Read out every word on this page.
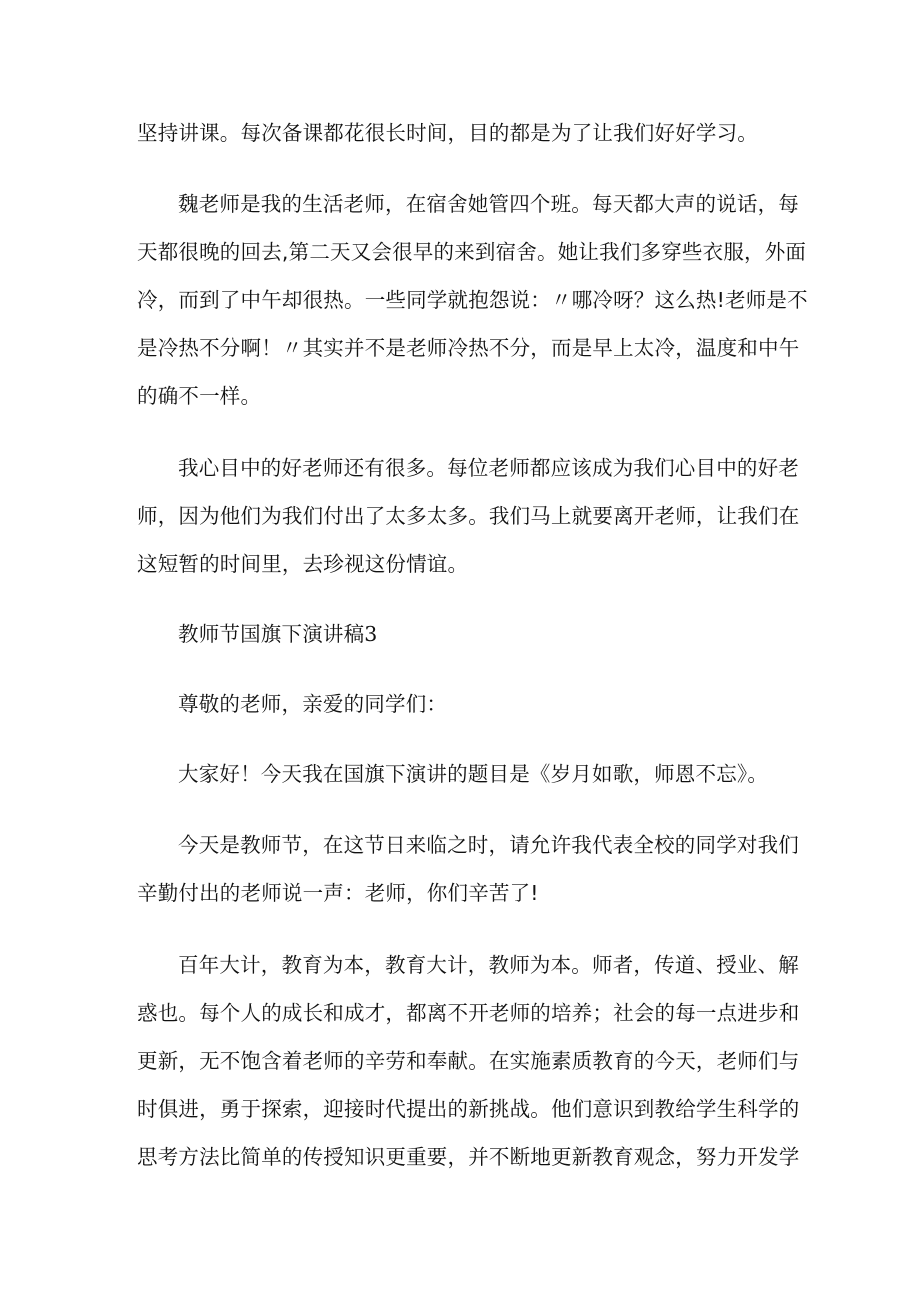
坚持讲课。每次备课都花很长时间，目的都是为了让我们好好学习。
魏老师是我的生活老师，在宿舍她管四个班。每天都大声的说话，每
天都很晚的回去,第二天又会很早的来到宿舍。她让我们多穿些衣服，外面
冷，而到了中午却很热。一些同学就抱怨说：〃哪冷呀？这么热!老师是不
是冷热不分啊！〃其实并不是老师冷热不分，而是早上太冷，温度和中午
的确不一样。
我心目中的好老师还有很多。每位老师都应该成为我们心目中的好老
师，因为他们为我们付出了太多太多。我们马上就要离开老师，让我们在
这短暂的时间里，去珍视这份情谊。
教师节国旗下演讲稿3
尊敬的老师，亲爱的同学们：
大家好！今天我在国旗下演讲的题目是《岁月如歌，师恩不忘》。
今天是教师节，在这节日来临之时，请允许我代表全校的同学对我们
辛勤付出的老师说一声：老师，你们辛苦了!
百年大计，教育为本，教育大计，教师为本。师者，传道、授业、解
惑也。每个人的成长和成才，都离不开老师的培养；社会的每一点进步和
更新，无不饱含着老师的辛劳和奉献。在实施素质教育的今天，老师们与
时俱进，勇于探索，迎接时代提出的新挑战。他们意识到教给学生科学的
思考方法比简单的传授知识更重要，并不断地更新教育观念，努力开发学
